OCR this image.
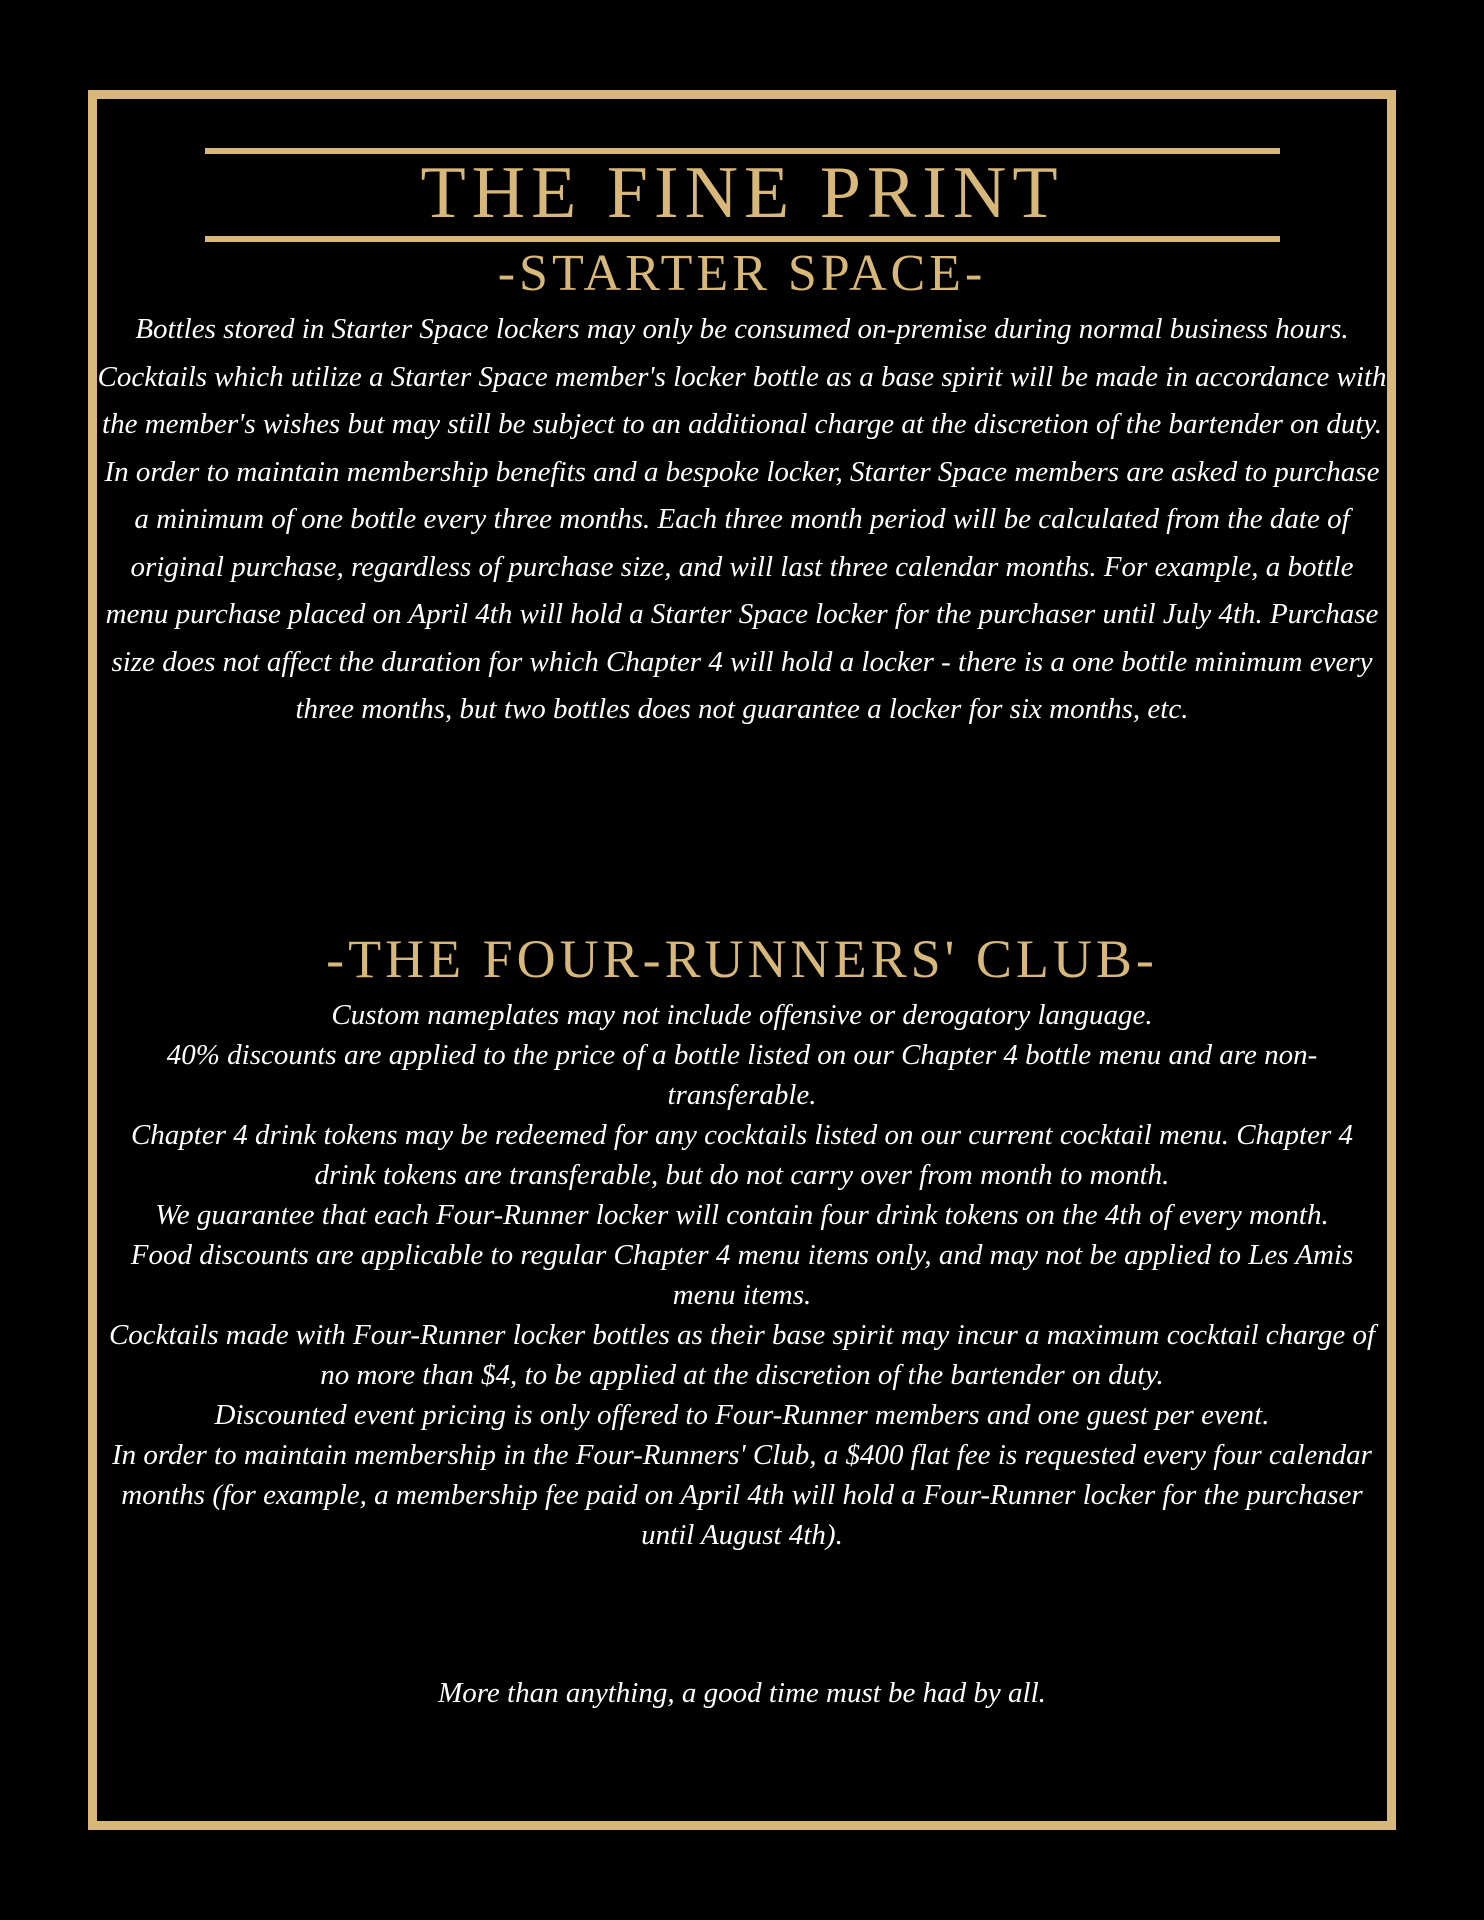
THE FINE PRINT
-STARTER SPACE-

Bottles stored in Starter Space lockers may only be consumed on-premise during normal business hours.

Cocktails which utilize a Starter Space member's locker bottle as a base spirit will be made in accordance with the member's wishes but may still be subject to an additional charge at the discretion of the bartender on duty.

In order to maintain membership benefits and a bespoke locker, Starter Space members are asked to purchase a minimum of one bottle every three months. Each three month period will be calculated from the date of original purchase, regardless of purchase size, and will last three calendar months. For example, a bottle menu purchase placed on April 4th will hold a Starter Space locker for the purchaser until July 4th. Purchase size does not affect the duration for which Chapter 4 will hold a locker - there is a one bottle minimum every three months, but two bottles does not guarantee a locker for six months, etc.

-THE FOUR-RUNNERS' CLUB-

Custom nameplates may not include offensive or derogatory language.

40% discounts are applied to the price of a bottle listed on our Chapter 4 bottle menu and are non-transferable.

Chapter 4 drink tokens may be redeemed for any cocktails listed on our current cocktail menu. Chapter 4 drink tokens are transferable, but do not carry over from month to month.

We guarantee that each Four-Runner locker will contain four drink tokens on the 4th of every month.

Food discounts are applicable to regular Chapter 4 menu items only, and may not be applied to Les Amis menu items.

Cocktails made with Four-Runner locker bottles as their base spirit may incur a maximum cocktail charge of no more than $4, to be applied at the discretion of the bartender on duty.

Discounted event pricing is only offered to Four-Runner members and one guest per event.

In order to maintain membership in the Four-Runners' Club, a $400 flat fee is requested every four calendar months (for example, a membership fee paid on April 4th will hold a Four-Runner locker for the purchaser until August 4th).

More than anything, a good time must be had by all.
